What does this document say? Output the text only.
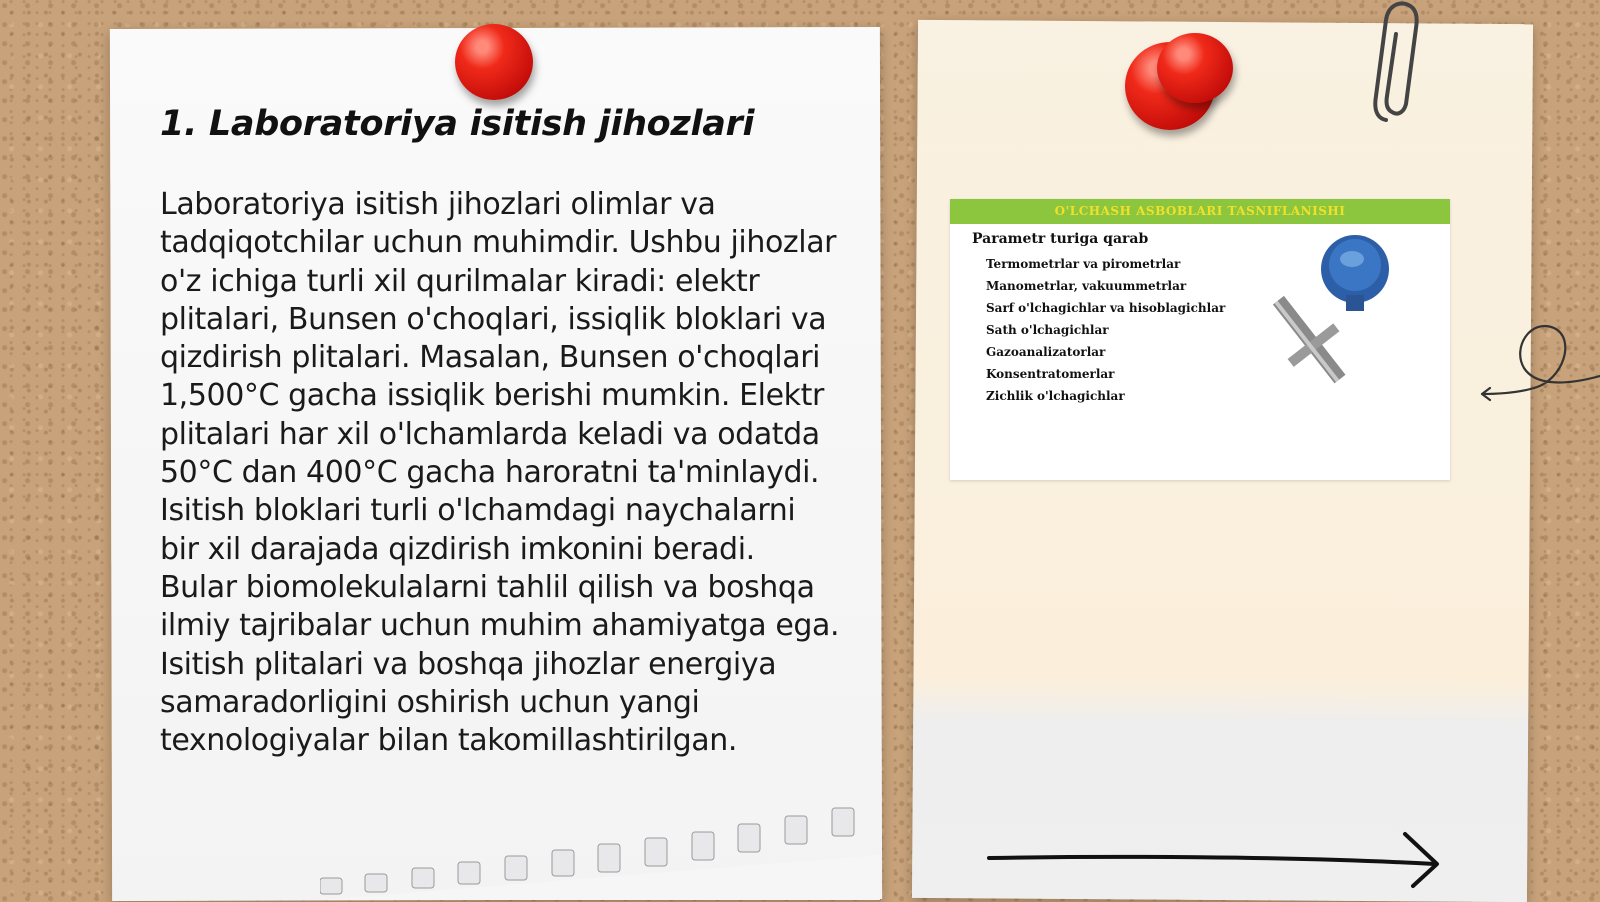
1. Laboratoriya isitish jihozlari

Laboratoriya isitish jihozlari olimlar va tadqiqotchilar uchun muhimdir. Ushbu jihozlar o'z ichiga turli xil qurilmalar kiradi: elektr plitalari, Bunsen o'choqlari, issiqlik bloklari va qizdirish plitalari. Masalan, Bunsen o'choqlari 1,500°C gacha issiqlik berishi mumkin. Elektr plitalari har xil o'lchamlarda keladi va odatda 50°C dan 400°C gacha haroratni ta'minlaydi. Isitish bloklari turli o'lchamdagi naychalarni bir xil darajada qizdirish imkonini beradi. Bular biomolekulalarni tahlil qilish va boshqa ilmiy tajribalar uchun muhim ahamiyatga ega. Isitish plitalari va boshqa jihozlar energiya samaradorligini oshirish uchun yangi texnologiyalar bilan takomillashtirilgan.

O'LCHASH ASBOBLARI TASNIFLANISHI

Parametr turiga qarab

Termometrlar va pirometrlar
Manometrlar, vakuummetrlar
Sarf o'lchagichlar va hisoblagichlar
Sath o'lchagichlar
Gazoanalizatorlar
Konsentratomerlar
Zichlik o'lchagichlar
